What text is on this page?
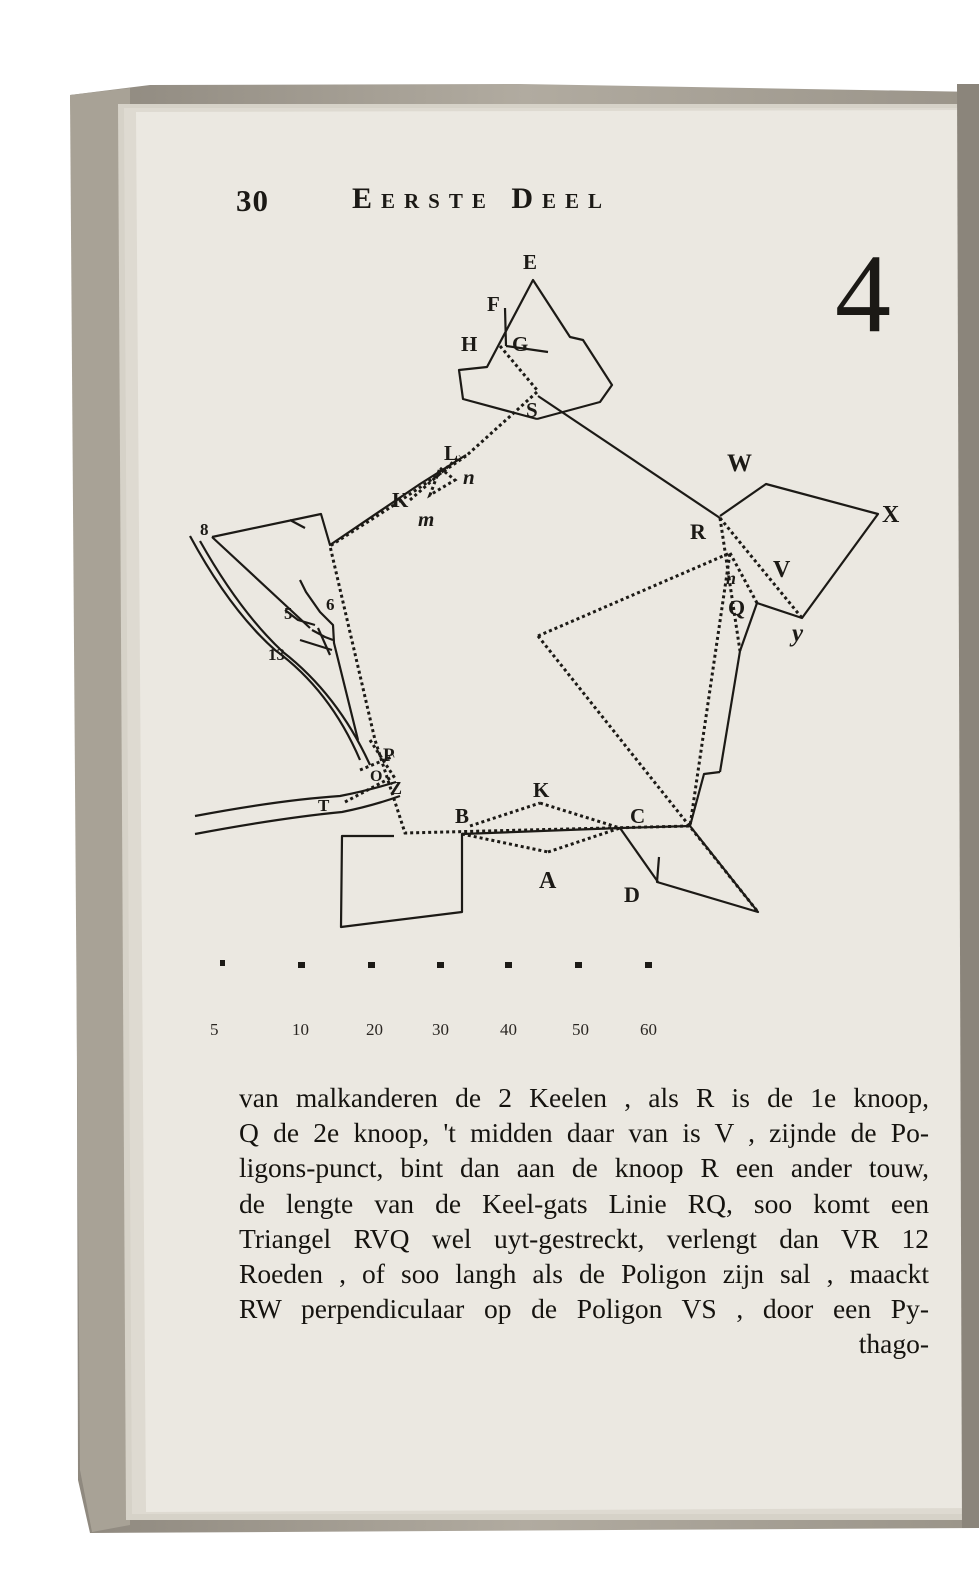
30	Eerste Deel
4
E
F
H G
S
L
n
K
m
W
X
R
V
Q
n
y
8
6
5
13
P
O
Z
T
K
B	C
A
D
5	10	20	30	40	50	60
van malkanderen de 2 Keelen , als R is de 1e knoop,
Q de 2e knoop, 't midden daar van is V , zijnde de Po-
ligons-punct, bint dan aan de knoop R een ander touw,
de lengte van de Keel-gats Linie RQ, soo komt een
Triangel RVQ wel uyt-gestreckt, verlengt dan VR 12
Roeden , of soo langh als de Poligon zijn sal , maackt
RW perpendiculaar op de Poligon VS , door een Py-
thago-
